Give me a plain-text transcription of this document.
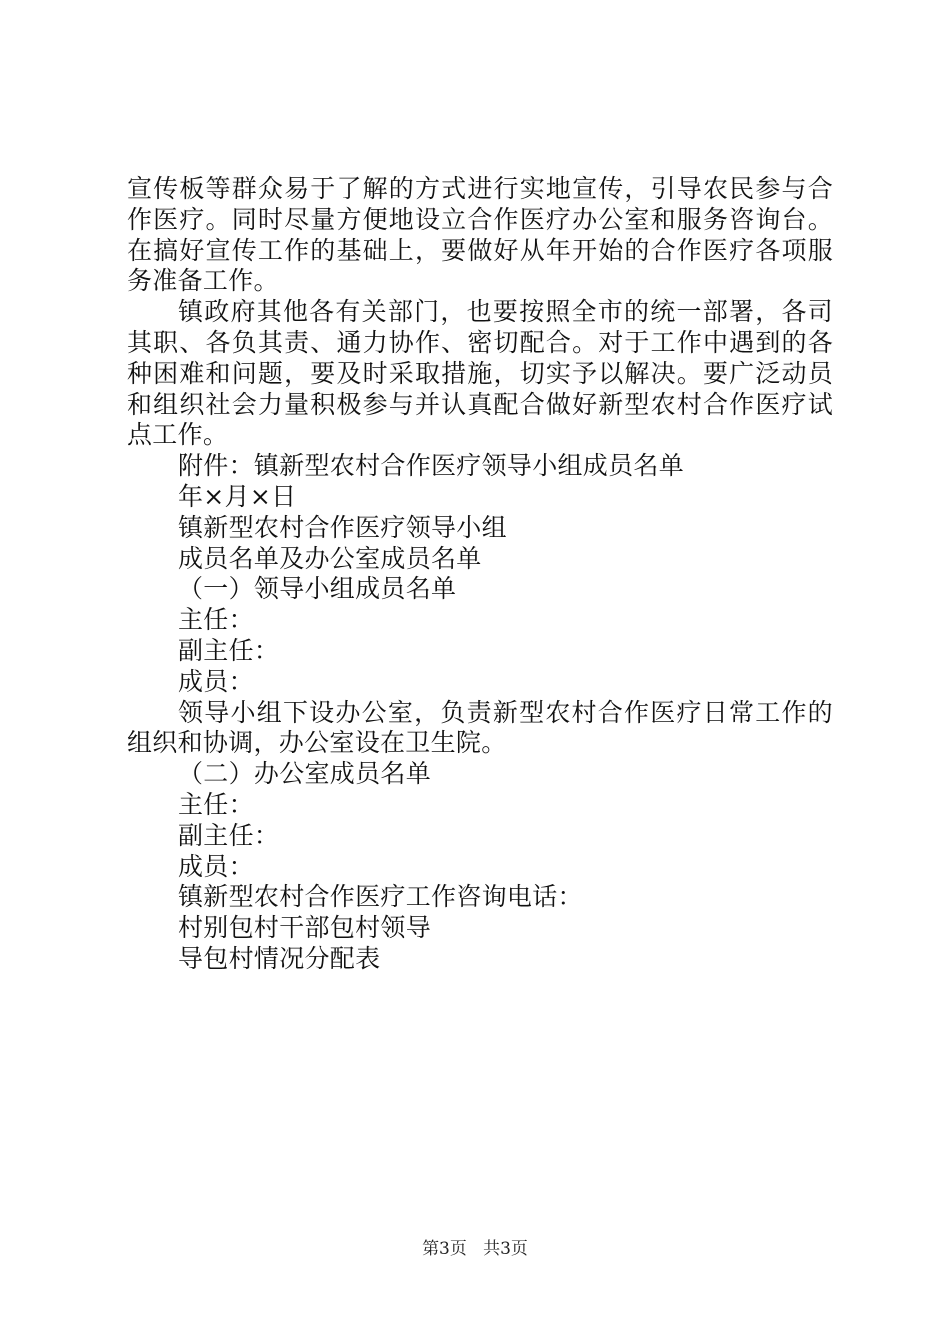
宣传板等群众易于了解的方式进行实地宣传，引导农民参与合作医疗。同时尽量方便地设立合作医疗办公室和服务咨询台。在搞好宣传工作的基础上，要做好从年开始的合作医疗各项服务准备工作。

镇政府其他各有关部门，也要按照全市的统一部署，各司其职、各负其责、通力协作、密切配合。对于工作中遇到的各种困难和问题，要及时采取措施，切实予以解决。要广泛动员和组织社会力量积极参与并认真配合做好新型农村合作医疗试点工作。

附件：镇新型农村合作医疗领导小组成员名单

年×月×日

镇新型农村合作医疗领导小组

成员名单及办公室成员名单

（一）领导小组成员名单

主任：

副主任：

成员：

领导小组下设办公室，负责新型农村合作医疗日常工作的组织和协调，办公室设在卫生院。

（二）办公室成员名单

主任：

副主任：

成员：

镇新型农村合作医疗工作咨询电话：

村别包村干部包村领导

导包村情况分配表

第3页 共3页
